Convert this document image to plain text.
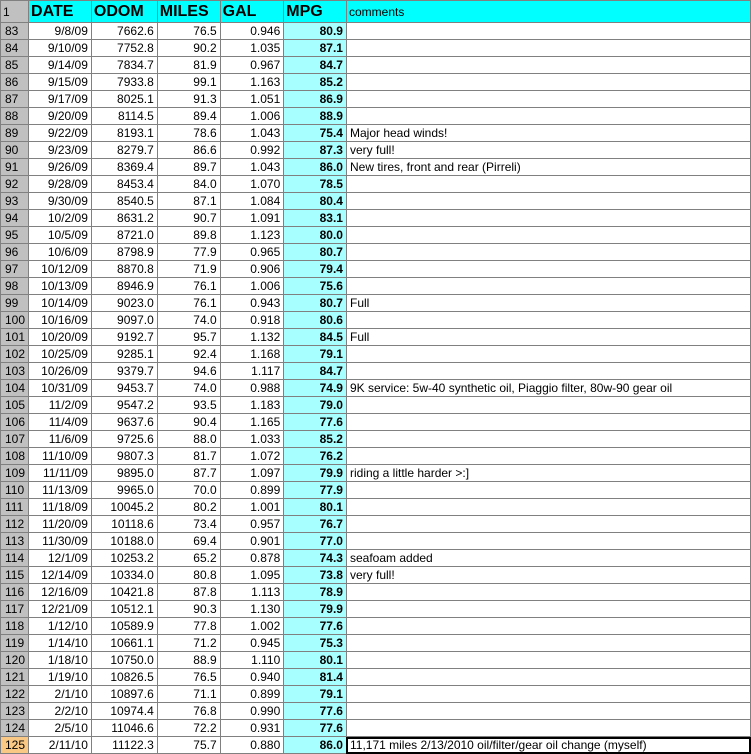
1	DATE	ODOM	MILES	GAL	MPG	comments
83	9/8/09	7662.6	76.5	0.946	80.9	
84	9/10/09	7752.8	90.2	1.035	87.1	
85	9/14/09	7834.7	81.9	0.967	84.7	
86	9/15/09	7933.8	99.1	1.163	85.2	
87	9/17/09	8025.1	91.3	1.051	86.9	
88	9/20/09	8114.5	89.4	1.006	88.9	
89	9/22/09	8193.1	78.6	1.043	75.4	Major head winds!
90	9/23/09	8279.7	86.6	0.992	87.3	very full!
91	9/26/09	8369.4	89.7	1.043	86.0	New tires, front and rear (Pirreli)
92	9/28/09	8453.4	84.0	1.070	78.5	
93	9/30/09	8540.5	87.1	1.084	80.4	
94	10/2/09	8631.2	90.7	1.091	83.1	
95	10/5/09	8721.0	89.8	1.123	80.0	
96	10/6/09	8798.9	77.9	0.965	80.7	
97	10/12/09	8870.8	71.9	0.906	79.4	
98	10/13/09	8946.9	76.1	1.006	75.6	
99	10/14/09	9023.0	76.1	0.943	80.7	Full
100	10/16/09	9097.0	74.0	0.918	80.6	
101	10/20/09	9192.7	95.7	1.132	84.5	Full
102	10/25/09	9285.1	92.4	1.168	79.1	
103	10/26/09	9379.7	94.6	1.117	84.7	
104	10/31/09	9453.7	74.0	0.988	74.9	9K service: 5w-40 synthetic oil, Piaggio filter, 80w-90 gear oil
105	11/2/09	9547.2	93.5	1.183	79.0	
106	11/4/09	9637.6	90.4	1.165	77.6	
107	11/6/09	9725.6	88.0	1.033	85.2	
108	11/10/09	9807.3	81.7	1.072	76.2	
109	11/11/09	9895.0	87.7	1.097	79.9	riding a little harder >:]
110	11/13/09	9965.0	70.0	0.899	77.9	
111	11/18/09	10045.2	80.2	1.001	80.1	
112	11/20/09	10118.6	73.4	0.957	76.7	
113	11/30/09	10188.0	69.4	0.901	77.0	
114	12/1/09	10253.2	65.2	0.878	74.3	seafoam added
115	12/14/09	10334.0	80.8	1.095	73.8	very full!
116	12/16/09	10421.8	87.8	1.113	78.9	
117	12/21/09	10512.1	90.3	1.130	79.9	
118	1/12/10	10589.9	77.8	1.002	77.6	
119	1/14/10	10661.1	71.2	0.945	75.3	
120	1/18/10	10750.0	88.9	1.110	80.1	
121	1/19/10	10826.5	76.5	0.940	81.4	
122	2/1/10	10897.6	71.1	0.899	79.1	
123	2/2/10	10974.4	76.8	0.990	77.6	
124	2/5/10	11046.6	72.2	0.931	77.6	
125	2/11/10	11122.3	75.7	0.880	86.0	11,171 miles 2/13/2010 oil/filter/gear oil change (myself)
